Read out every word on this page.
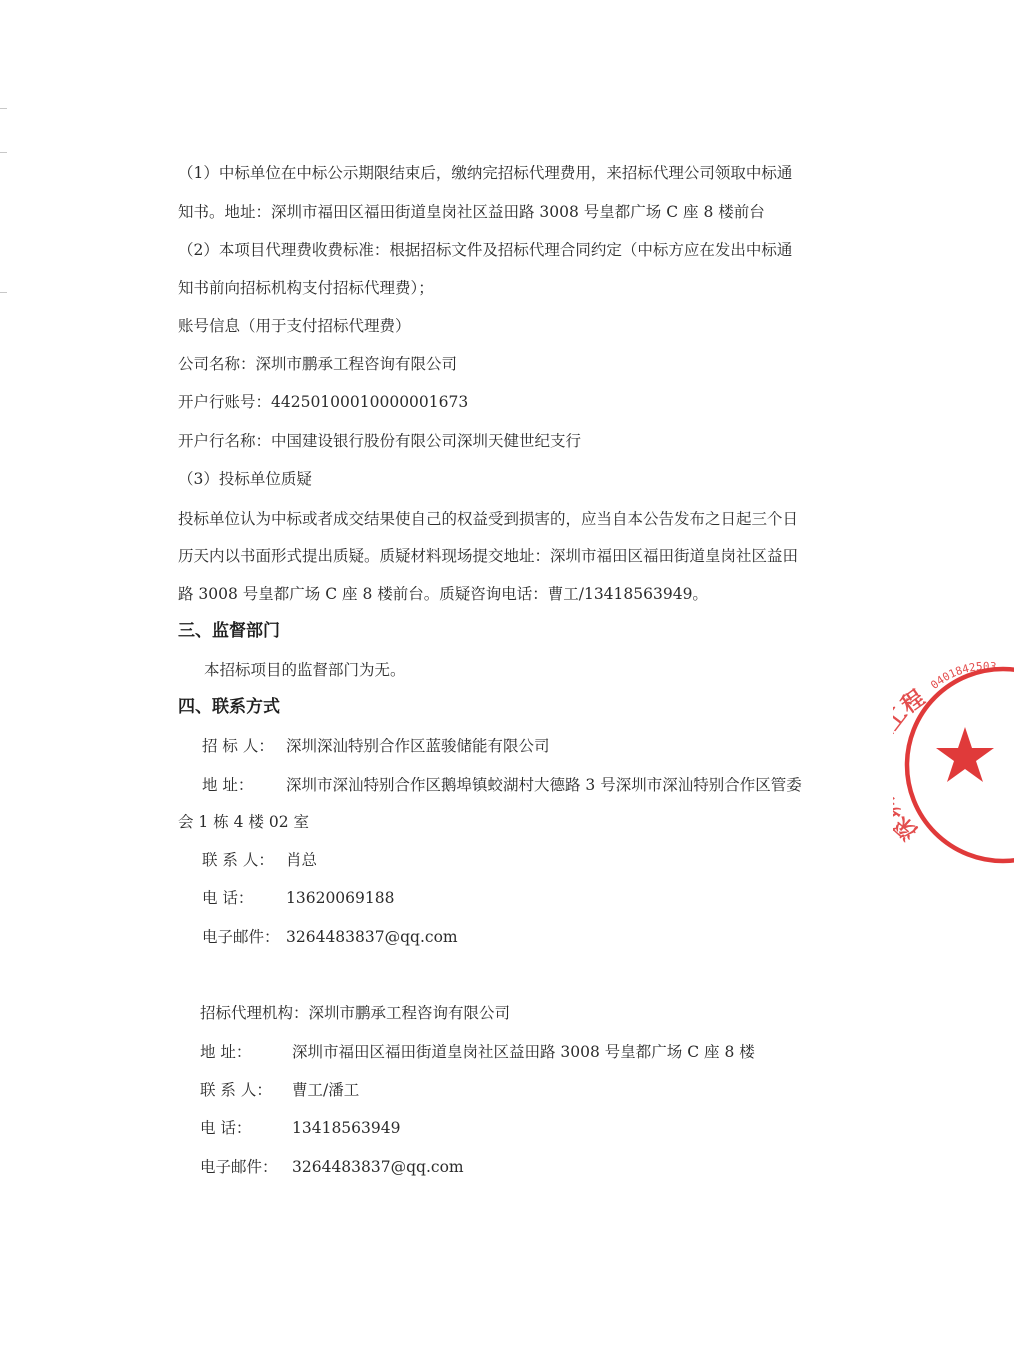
（1）中标单位在中标公示期限结束后，缴纳完招标代理费用，来招标代理公司领取中标通
知书。地址：深圳市福田区福田街道皇岗社区益田路 3008 号皇都广场 C 座 8 楼前台
（2）本项目代理费收费标准：根据招标文件及招标代理合同约定（中标方应在发出中标通
知书前向招标机构支付招标代理费）；
账号信息（用于支付招标代理费）
公司名称：深圳市鹏承工程咨询有限公司
开户行账号：44250100010000001673
开户行名称：中国建设银行股份有限公司深圳天健世纪支行
（3）投标单位质疑
投标单位认为中标或者成交结果使自己的权益受到损害的，应当自本公告发布之日起三个日
历天内以书面形式提出质疑。质疑材料现场提交地址：深圳市福田区福田街道皇岗社区益田
路 3008 号皇都广场 C 座 8 楼前台。质疑咨询电话：曹工/13418563949。
三、监督部门
本招标项目的监督部门为无。
四、联系方式
招 标 人： 深圳深汕特别合作区蓝骏储能有限公司
地 址： 深圳市深汕特别合作区鹅埠镇蛟湖村大德路 3 号深圳市深汕特别合作区管委
会 1 栋 4 楼 02 室
联 系 人： 肖总
电 话： 13620069188
电子邮件： 3264483837@qq.com
招标代理机构：深圳市鹏承工程咨询有限公司
地 址：	深圳市福田区福田街道皇岗社区益田路 3008 号皇都广场 C 座 8 楼
联 系 人： 曹工/潘工
电 话：	13418563949
电子邮件： 3264483837@qq.com
程
0401842503
